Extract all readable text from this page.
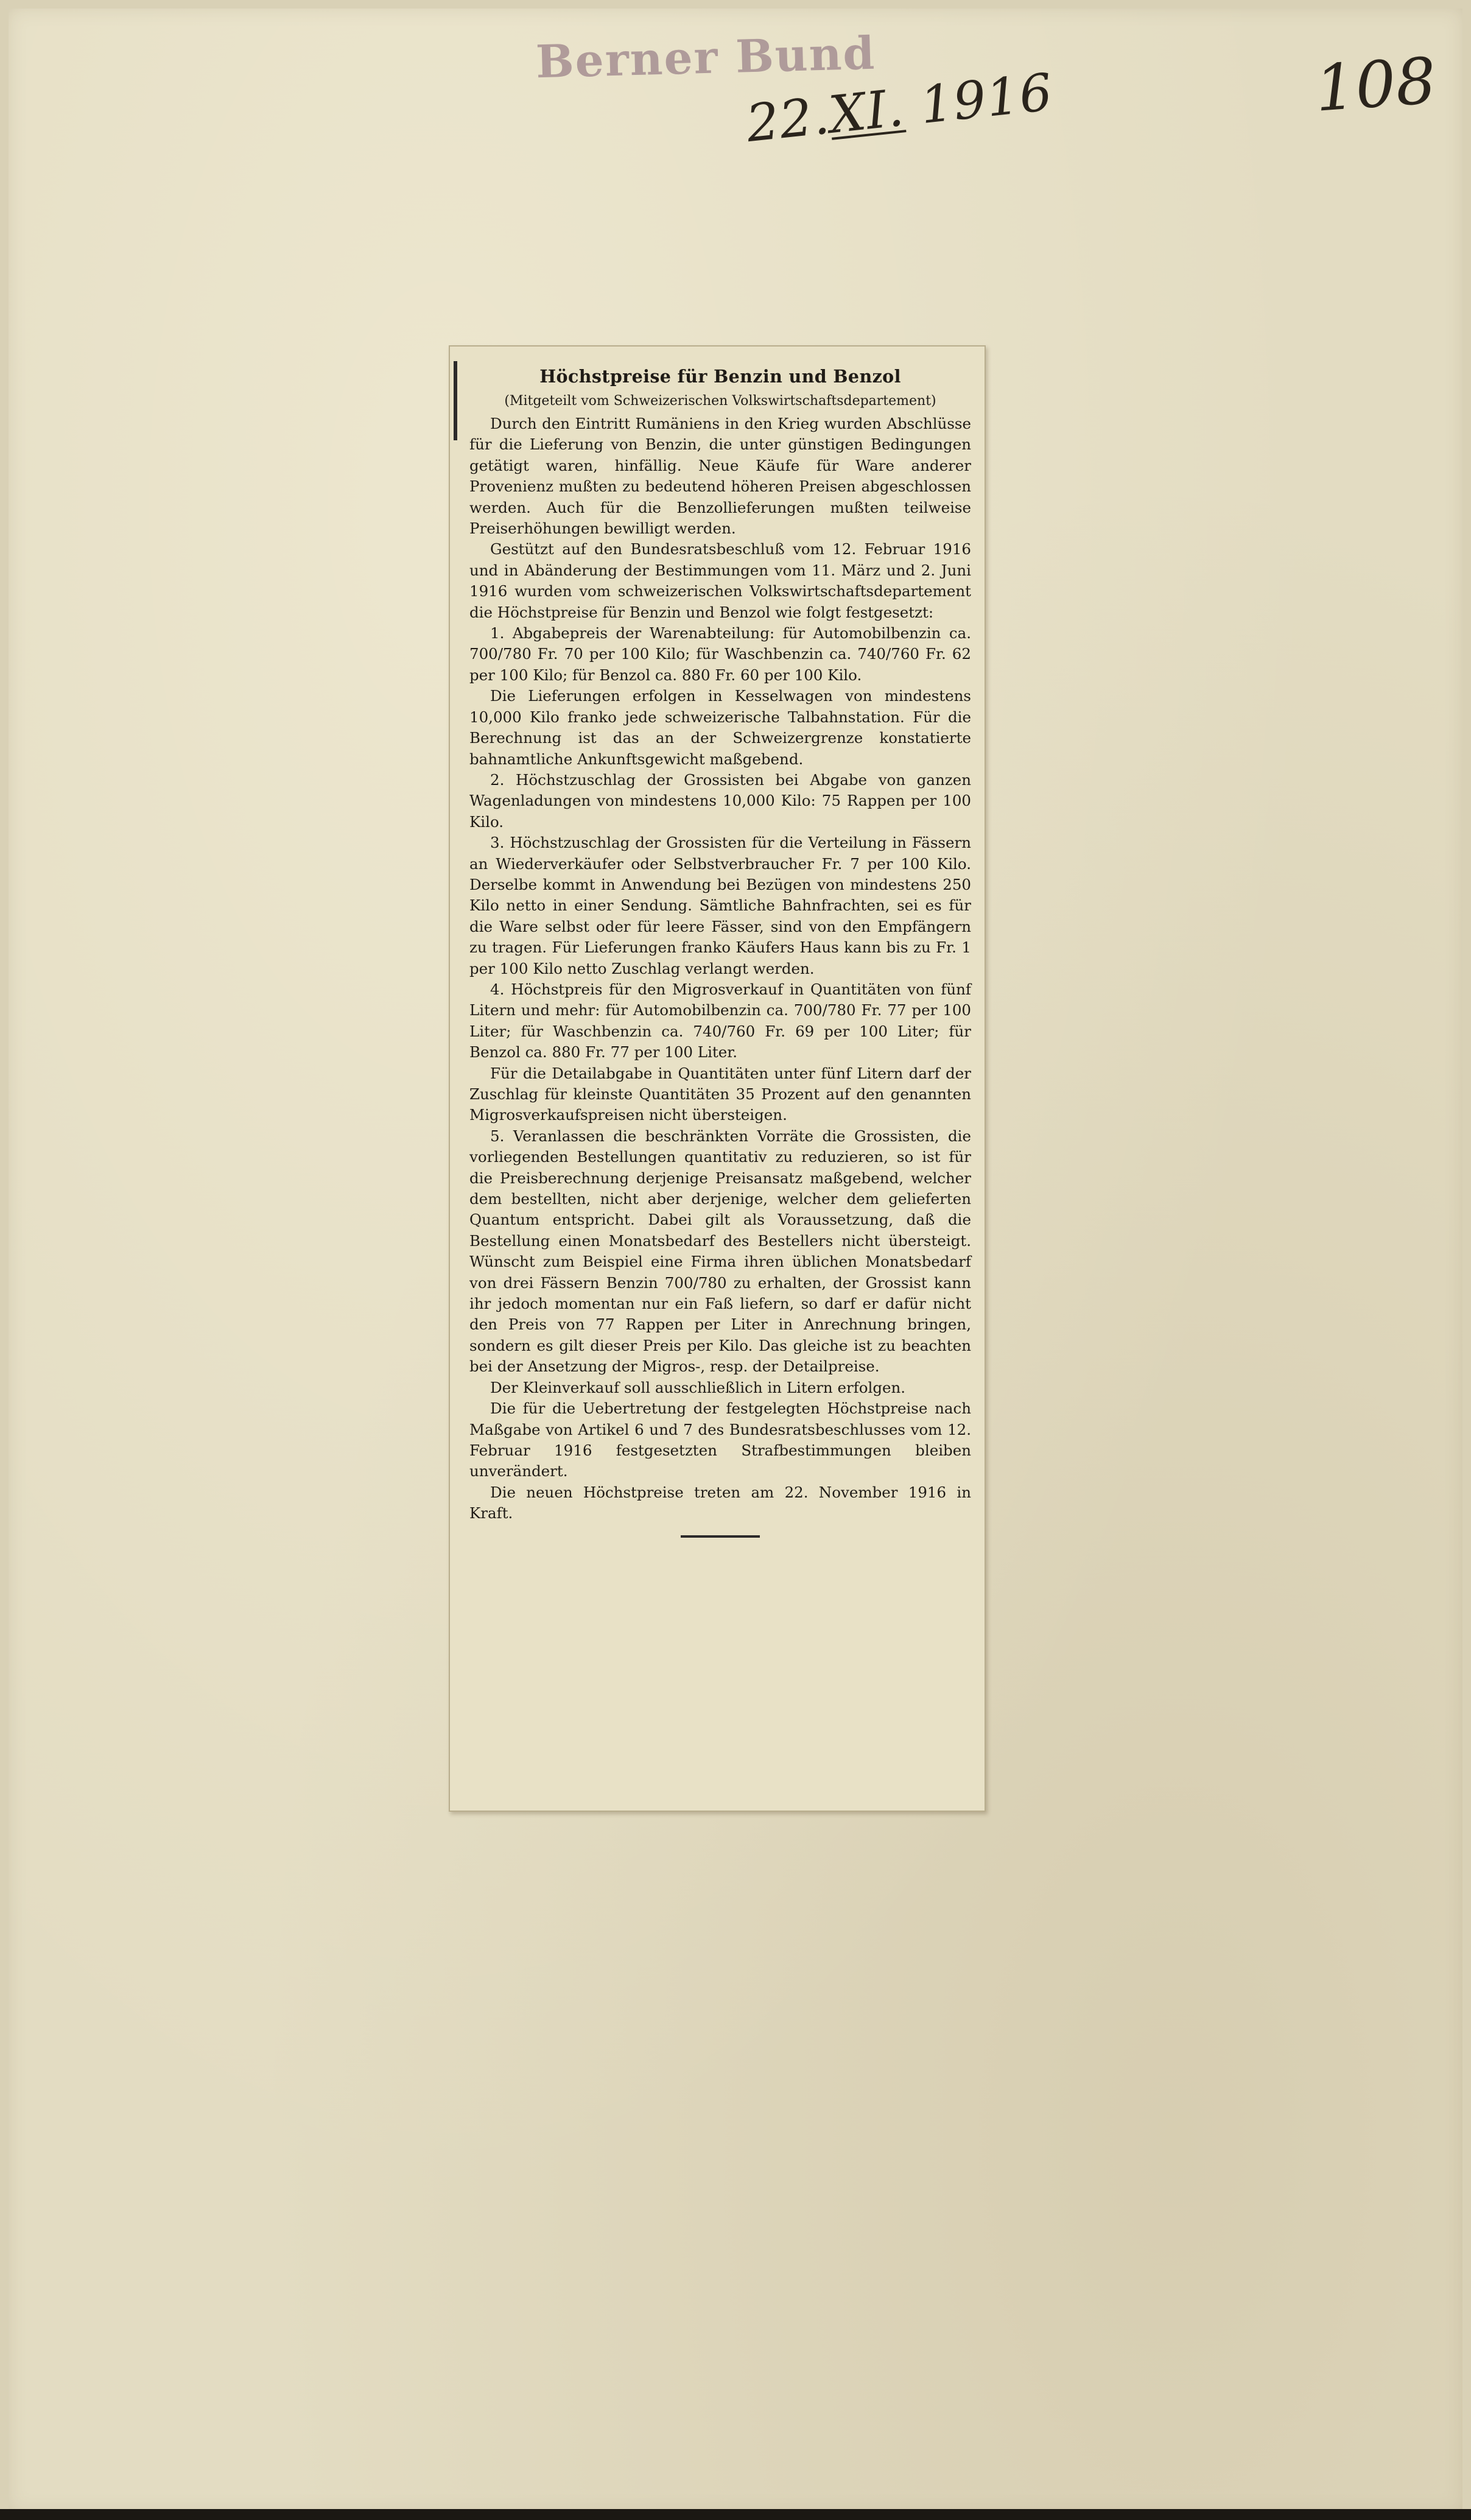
Berner Bund
22.XI. 1916	108
Höchstpreise für Benzin und Benzol
(Mitgeteilt vom Schweizerischen Volkswirtschaftsdepartement)

Durch den Eintritt Rumäniens in den Krieg wurden Abschlüsse für die Lieferung von Benzin, die unter günstigen Bedingungen getätigt waren, hinfällig. Neue Käufe für Ware anderer Provenienz mußten zu bedeutend höheren Preisen abgeschlossen werden. Auch für die Benzollieferungen mußten teilweise Preiserhöhungen bewilligt werden.

Gestützt auf den Bundesratsbeschluß vom 12. Februar 1916 und in Abänderung der Bestimmungen vom 11. März und 2. Juni 1916 wurden vom schweizerischen Volkswirtschaftsdepartement die Höchstpreise für Benzin und Benzol wie folgt festgesetzt:

1. Abgabepreis der Warenabteilung: für Automobilbenzin ca. 700/780 Fr. 70 per 100 Kilo; für Waschbenzin ca. 740/760 Fr. 62 per 100 Kilo; für Benzol ca. 880 Fr. 60 per 100 Kilo.

Die Lieferungen erfolgen in Kesselwagen von mindestens 10,000 Kilo franko jede schweizerische Talbahnstation. Für die Berechnung ist das an der Schweizergrenze konstatierte bahnamtliche Ankunftsgewicht maßgebend.

2. Höchstzuschlag der Grossisten bei Abgabe von ganzen Wagenladungen von mindestens 10,000 Kilo: 75 Rappen per 100 Kilo.

3. Höchstzuschlag der Grossisten für die Verteilung in Fässern an Wiederverkäufer oder Selbstverbraucher Fr. 7 per 100 Kilo. Derselbe kommt in Anwendung bei Bezügen von mindestens 250 Kilo netto in einer Sendung. Sämtliche Bahnfrachten, sei es für die Ware selbst oder für leere Fässer, sind von den Empfängern zu tragen. Für Lieferungen franko Käufers Haus kann bis zu Fr. 1 per 100 Kilo netto Zuschlag verlangt werden.

4. Höchstpreis für den Migrosverkauf in Quantitäten von fünf Litern und mehr: für Automobilbenzin ca. 700/780 Fr. 77 per 100 Liter; für Waschbenzin ca. 740/760 Fr. 69 per 100 Liter; für Benzol ca. 880 Fr. 77 per 100 Liter.

Für die Detailabgabe in Quantitäten unter fünf Litern darf der Zuschlag für kleinste Quantitäten 35 Prozent auf den genannten Migrosverkaufspreisen nicht übersteigen.

5. Veranlassen die beschränkten Vorräte die Grossisten, die vorliegenden Bestellungen quantitativ zu reduzieren, so ist für die Preisberechnung derjenige Preisansatz maßgebend, welcher dem bestellten, nicht aber derjenige, welcher dem gelieferten Quantum entspricht. Dabei gilt als Voraussetzung, daß die Bestellung einen Monatsbedarf des Bestellers nicht übersteigt. Wünscht zum Beispiel eine Firma ihren üblichen Monatsbedarf von drei Fässern Benzin 700/780 zu erhalten, der Grossist kann ihr jedoch momentan nur ein Faß liefern, so darf er dafür nicht den Preis von 77 Rappen per Liter in Anrechnung bringen, sondern es gilt dieser Preis per Kilo. Das gleiche ist zu beachten bei der Ansetzung der Migros-, resp. der Detailpreise.

Der Kleinverkauf soll ausschließlich in Litern erfolgen.

Die für die Uebertretung der festgelegten Höchstpreise nach Maßgabe von Artikel 6 und 7 des Bundesratsbeschlusses vom 12. Februar 1916 festgesetzten Strafbestimmungen bleiben unverändert.

Die neuen Höchstpreise treten am 22. November 1916 in Kraft.
